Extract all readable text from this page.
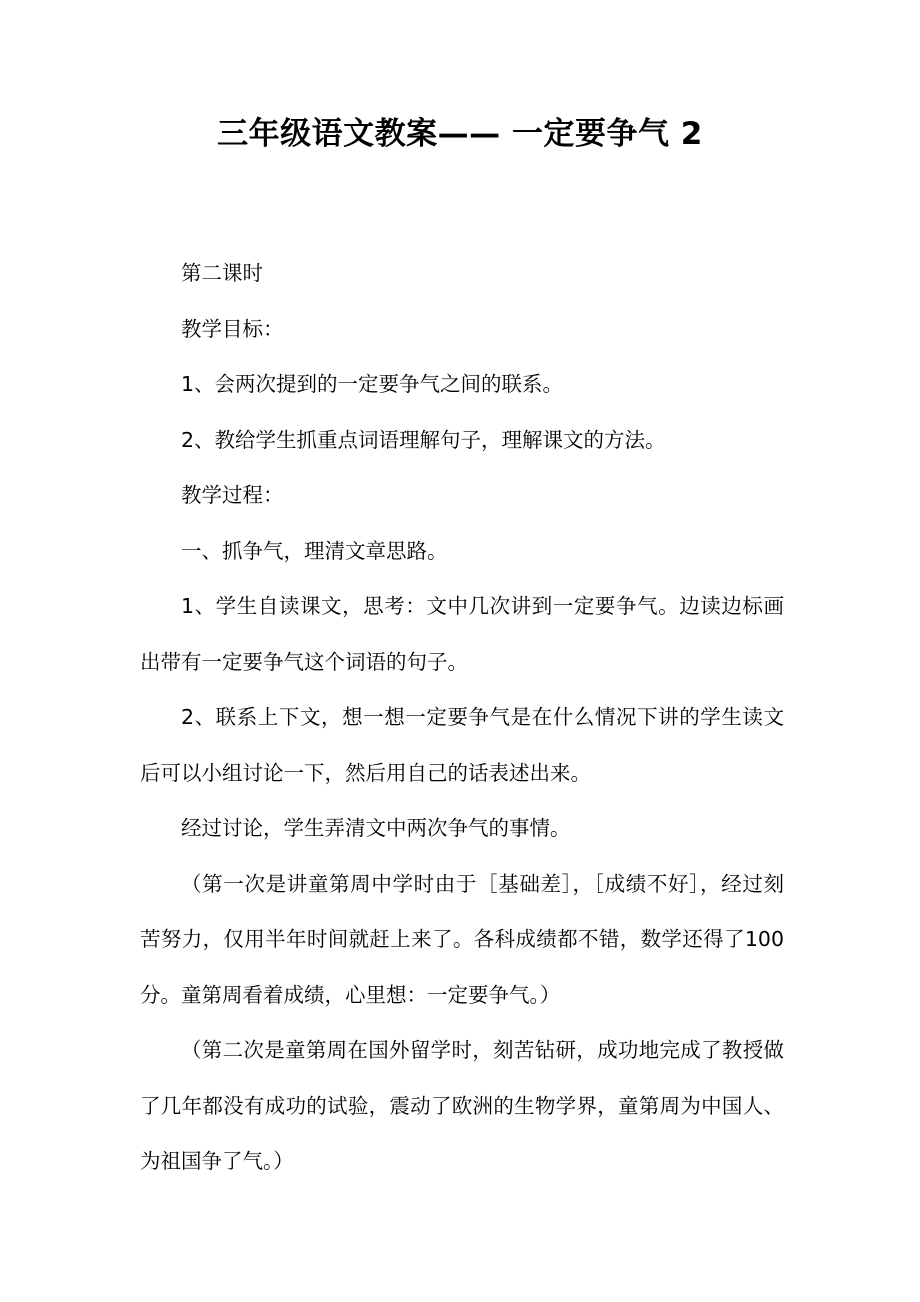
三年级语文教案—— 一定要争气 2

第二课时

教学目标：

1、会两次提到的一定要争气之间的联系。

2、教给学生抓重点词语理解句子，理解课文的方法。

教学过程：

一、抓争气，理清文章思路。

1、学生自读课文，思考：文中几次讲到一定要争气。边读边标画出带有一定要争气这个词语的句子。

2、联系上下文，想一想一定要争气是在什么情况下讲的学生读文后可以小组讨论一下，然后用自己的话表述出来。

经过讨论，学生弄清文中两次争气的事情。

（第一次是讲童第周中学时由于［基础差］，［成绩不好］，经过刻苦努力，仅用半年时间就赶上来了。各科成绩都不错，数学还得了100分。童第周看着成绩，心里想：一定要争气。）

（第二次是童第周在国外留学时，刻苦钻研，成功地完成了教授做了几年都没有成功的试验，震动了欧洲的生物学界，童第周为中国人、为祖国争了气。）
